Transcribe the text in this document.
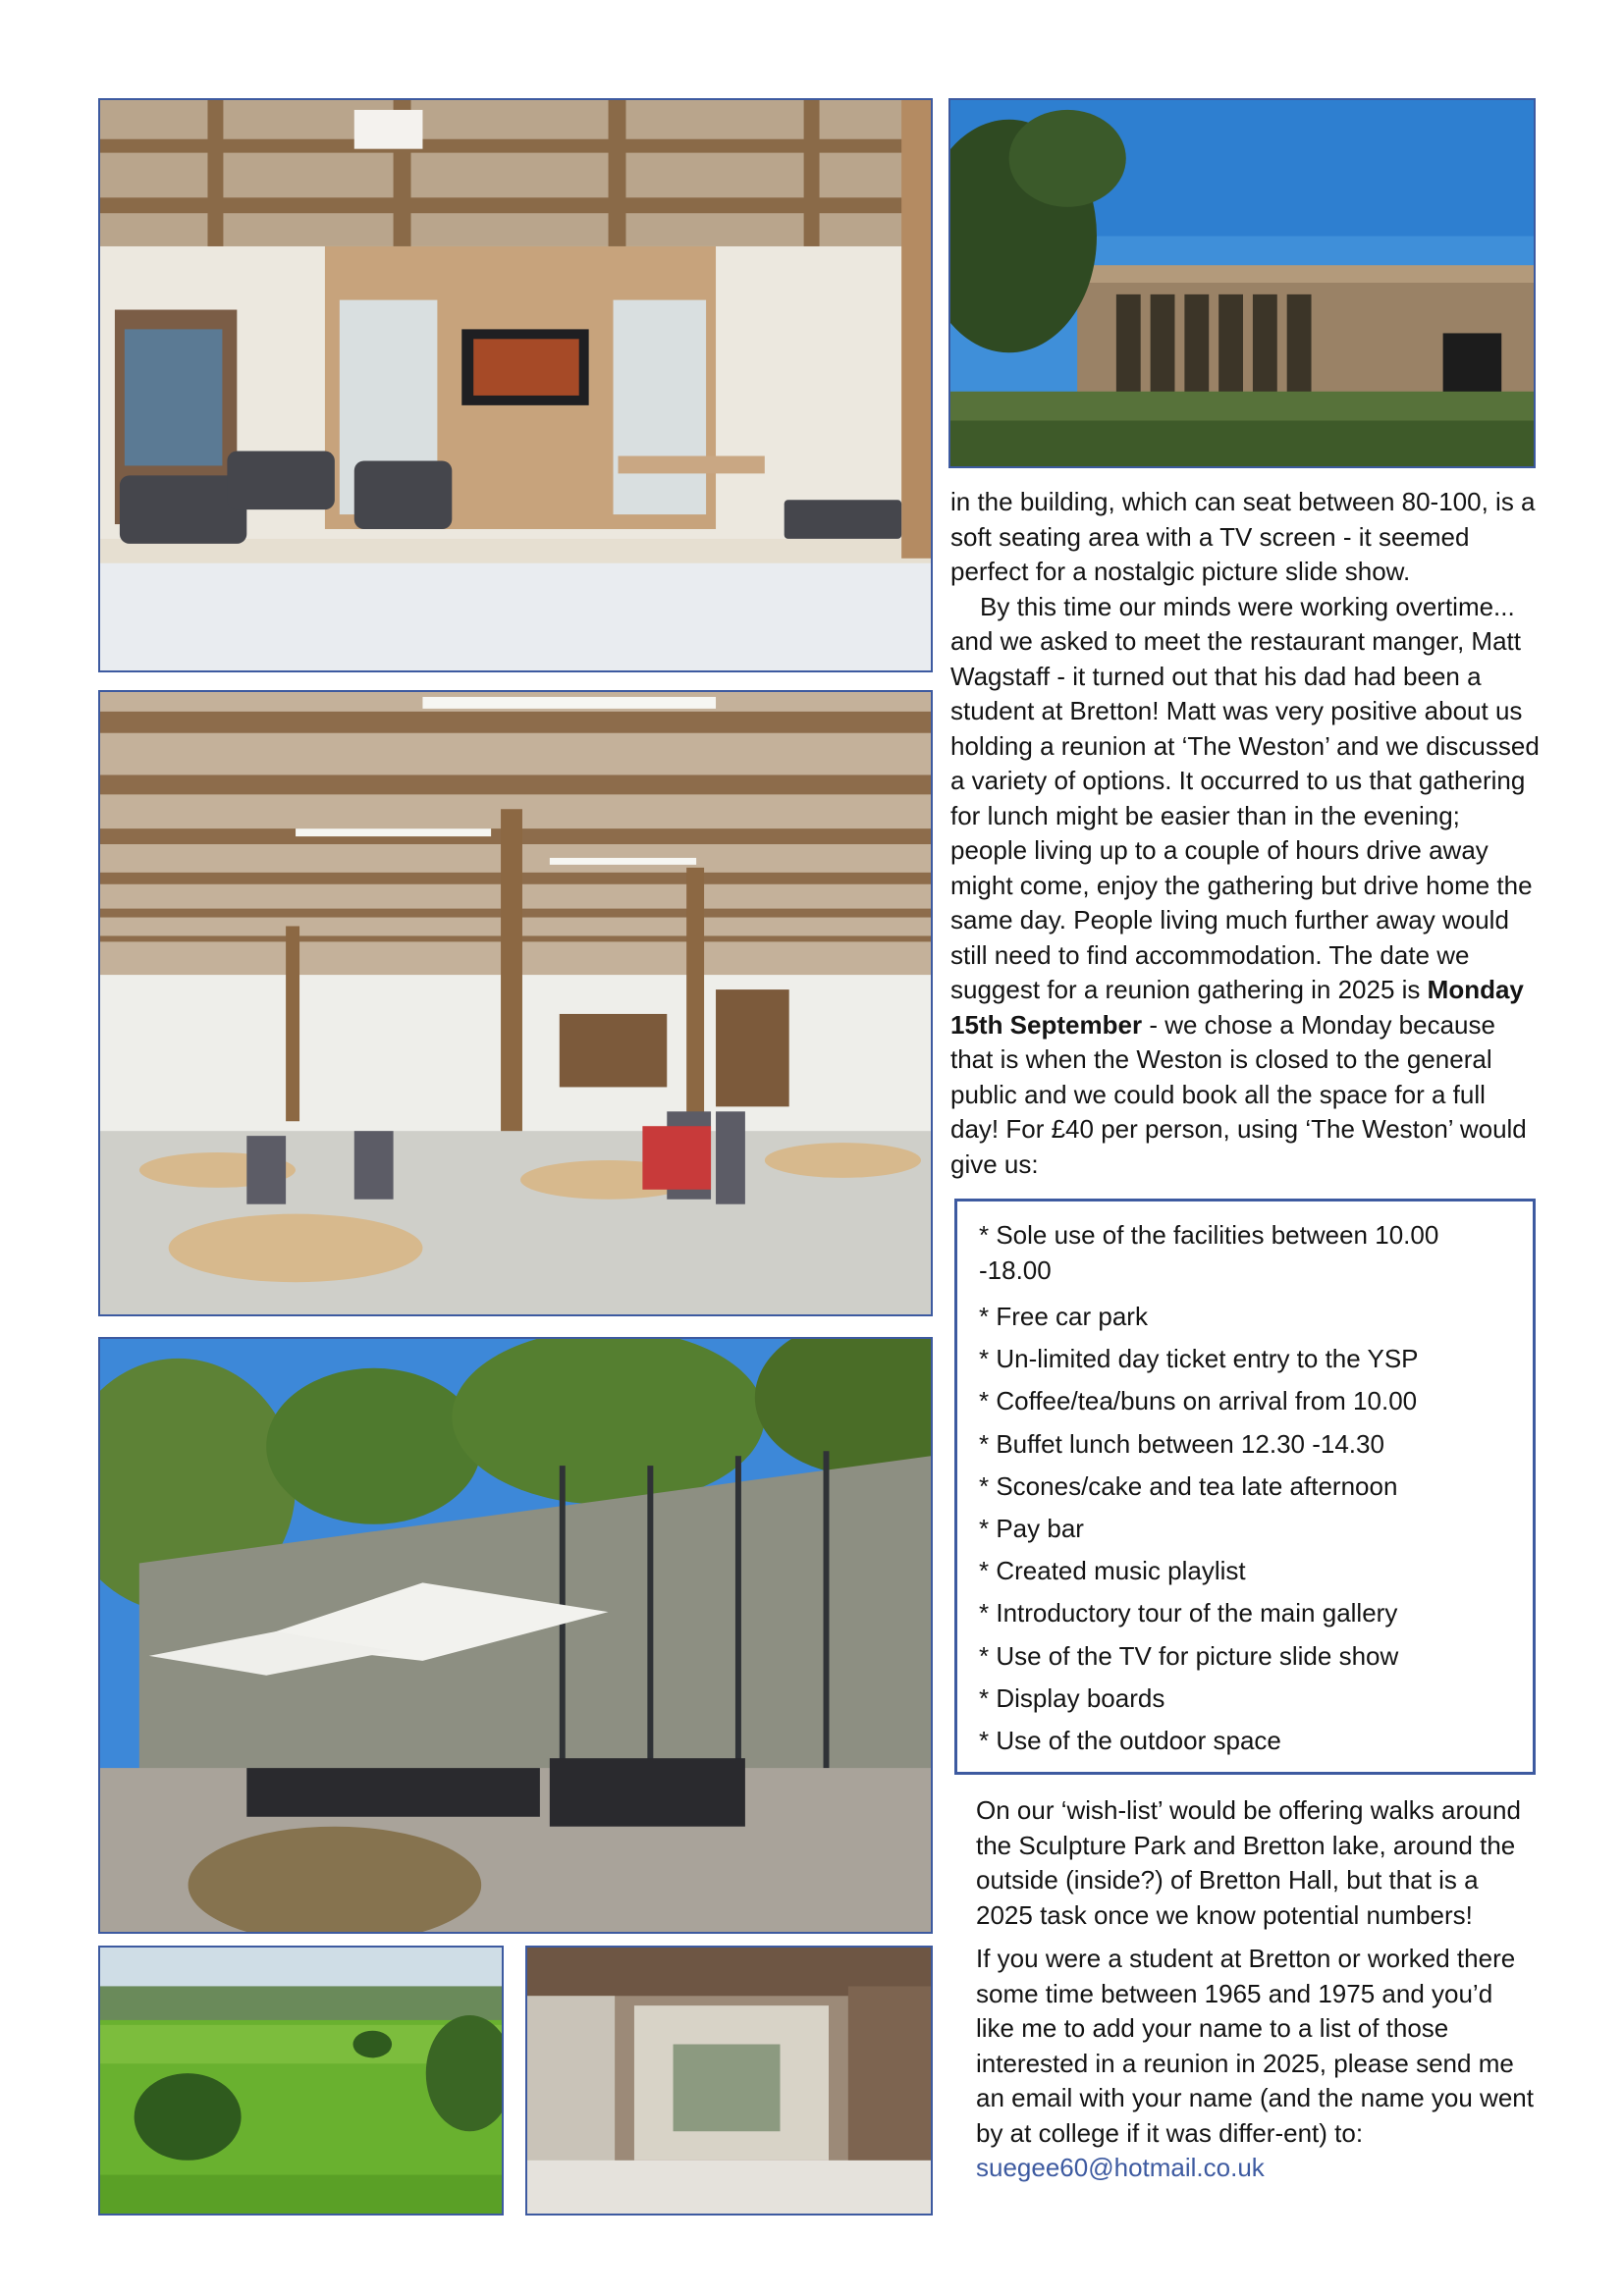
in the building, which can seat between 80-100, is a soft seating area with a TV screen - it seemed perfect for a nostalgic picture slide show.

By this time our minds were working overtime... and we asked to meet the restaurant manger, Matt Wagstaff - it turned out that his dad had been a student at Bretton! Matt was very positive about us holding a reunion at ‘The Weston’ and we discussed a variety of options. It occurred to us that gathering for lunch might be easier than in the evening; people living up to a couple of hours drive away might come, enjoy the gathering but drive home the same day. People living much further away would still need to find accommodation. The date we suggest for a reunion gathering in 2025 is Monday 15th September - we chose a Monday because that is when the Weston is closed to the general public and we could book all the space for a full day! For £40 per person, using ‘The Weston’ would give us:

* Sole use of the facilities between 10.00 -18.00
* Free car park
* Un-limited day ticket entry to the YSP
* Coffee/tea/buns on arrival from 10.00
* Buffet lunch between 12.30 -14.30
* Scones/cake and tea late afternoon
* Pay bar
* Created music playlist
* Introductory tour of the main gallery
* Use of the TV for picture slide show
* Display boards
* Use of the outdoor space

On our ‘wish-list’ would be offering walks around the Sculpture Park and Bretton lake, around the outside (inside?) of Bretton Hall, but that is a 2025 task once we know potential numbers!

If you were a student at Bretton or worked there some time between 1965 and 1975 and you’d like me to add your name to a list of those interested in a reunion in 2025, please send me an email with your name (and the name you went by at college if it was differ-ent) to: suegee60@hotmail.co.uk
